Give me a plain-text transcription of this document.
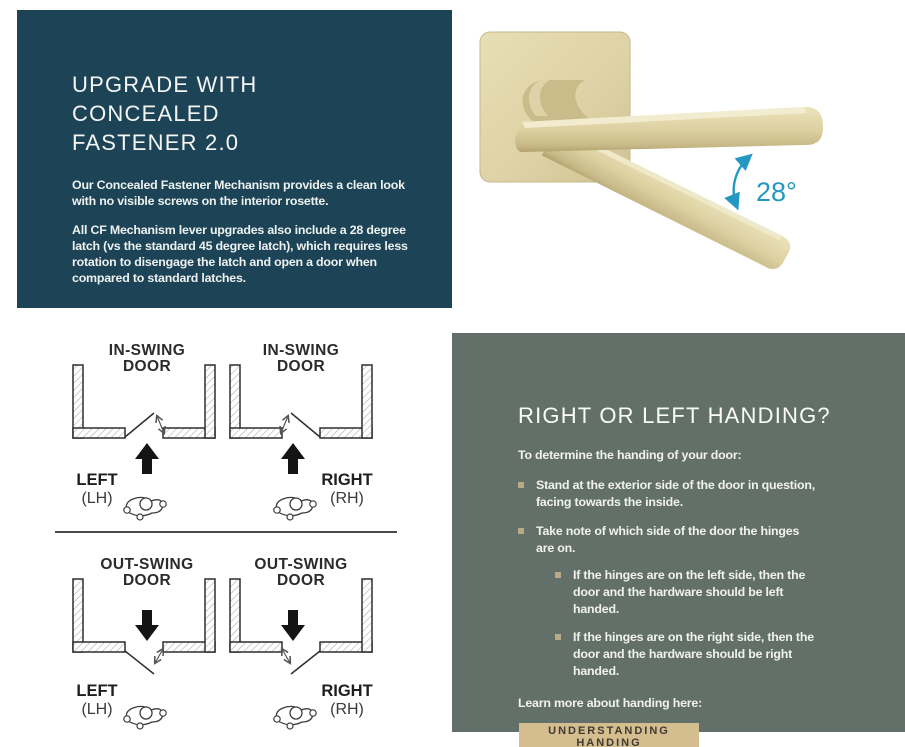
UPGRADE WITH CONCEALED
FASTENER 2.0

Our Concealed Fastener Mechanism provides a clean look with no visible screws on the interior rosette.

All CF Mechanism lever upgrades also include a 28 degree latch (vs the standard 45 degree latch), which requires less rotation to disengage the latch and open a door when compared to standard latches.

28°
IN-SWING
DOOR
LEFT
(LH)
IN-SWING
DOOR
RIGHT
(RH)
OUT-SWING
DOOR
LEFT
(LH)
OUT-SWING
DOOR
RIGHT
(RH)
RIGHT OR LEFT HANDING?

To determine the handing of your door:

Stand at the exterior side of the door in question, facing towards the inside.
Take note of which side of the door the hinges are on.
If the hinges are on the left side, then the door and the hardware should be left handed.
If the hinges are on the right side, then the door and the hardware should be right handed.

Learn more about handing here:

UNDERSTANDING HANDING
